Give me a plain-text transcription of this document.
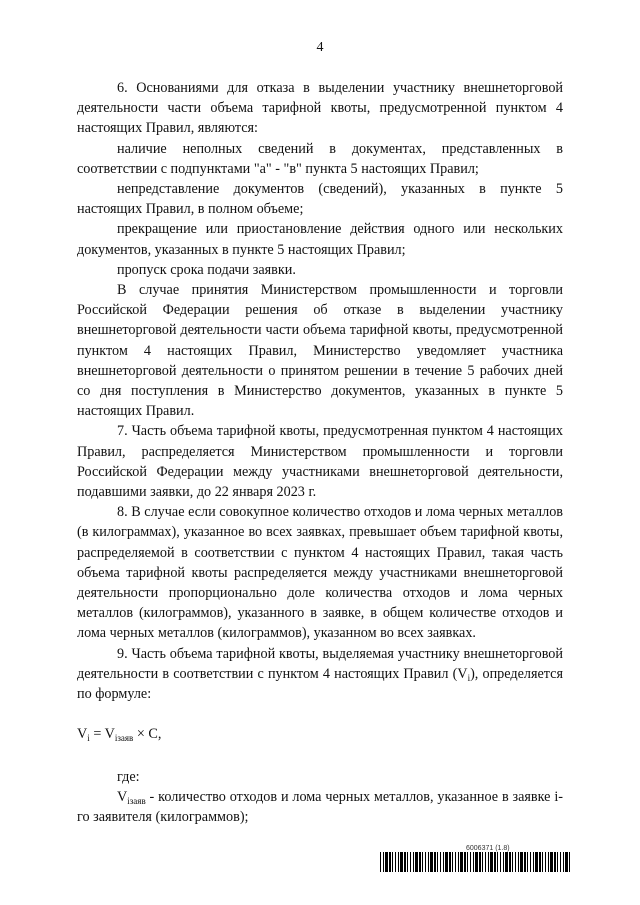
4

6. Основаниями для отказа в выделении участнику внешнеторговой деятельности части объема тарифной квоты, предусмотренной пунктом 4 настоящих Правил, являются:

наличие неполных сведений в документах, представленных в соответствии с подпунктами "а" - "в" пункта 5 настоящих Правил;

непредставление документов (сведений), указанных в пункте 5 настоящих Правил, в полном объеме;

прекращение или приостановление действия одного или нескольких документов, указанных в пункте 5 настоящих Правил;

пропуск срока подачи заявки.

В случае принятия Министерством промышленности и торговли Российской Федерации решения об отказе в выделении участнику внешнеторговой деятельности части объема тарифной квоты, предусмотренной пунктом 4 настоящих Правил, Министерство уведомляет участника внешнеторговой деятельности о принятом решении в течение 5 рабочих дней со дня поступления в Министерство документов, указанных в пункте 5 настоящих Правил.

7. Часть объема тарифной квоты, предусмотренная пунктом 4 настоящих Правил, распределяется Министерством промышленности и торговли Российской Федерации между участниками внешнеторговой деятельности, подавшими заявки, до 22 января 2023 г.

8. В случае если совокупное количество отходов и лома черных металлов (в килограммах), указанное во всех заявках, превышает объем тарифной квоты, распределяемой в соответствии с пунктом 4 настоящих Правил, такая часть объема тарифной квоты распределяется между участниками внешнеторговой деятельности пропорционально доле количества отходов и лома черных металлов (килограммов), указанного в заявке, в общем количестве отходов и лома черных металлов (килограммов), указанном во всех заявках.

9. Часть объема тарифной квоты, выделяемая участнику внешнеторговой деятельности в соответствии с пунктом 4 настоящих Правил $(V_i)$, определяется по формуле:

$V_i = V_{iзаяв} \times C$,

где:

$V_{iзаяв}$ - количество отходов и лома черных металлов, указанное в заявке i-го заявителя (килограммов);

6006371 (1.8)
